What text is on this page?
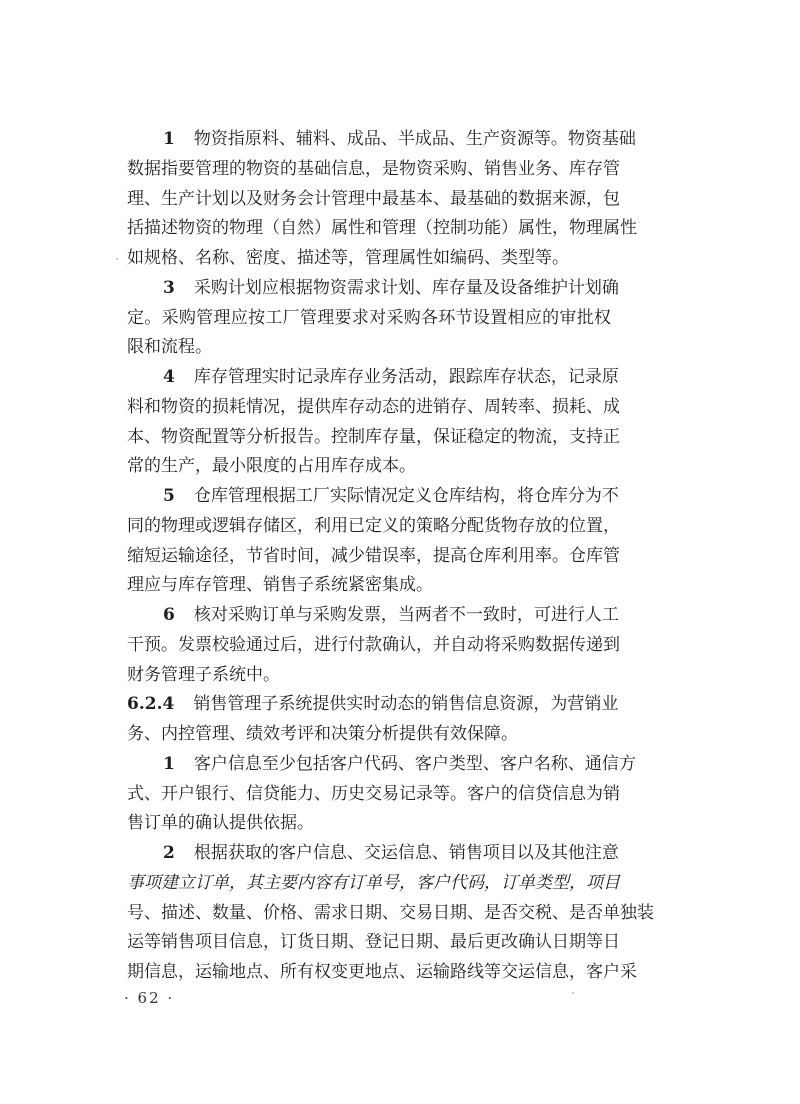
1　 物资指原料、辅料、成品、半成品、生产资源等。物资基础
数据指要管理的物资的基础信息，是物资采购、销售业务、库存管
理、生产计划以及财务会计管理中最基本、最基础的数据来源，包
括描述物资的物理（自然）属性和管理（控制功能）属性，物理属性
如规格、名称、密度、描述等，管理属性如编码、类型等。
3　 采购计划应根据物资需求计划、库存量及设备维护计划确
定。采购管理应按工厂管理要求对采购各环节设置相应的审批权
限和流程。
4　 库存管理实时记录库存业务活动，跟踪库存状态，记录原
料和物资的损耗情况，提供库存动态的进销存、周转率、损耗、成
本、物资配置等分析报告。控制库存量，保证稳定的物流，支持正
常的生产，最小限度的占用库存成本。
5　 仓库管理根据工厂实际情况定义仓库结构，将仓库分为不
同的物理或逻辑存储区，利用已定义的策略分配货物存放的位置，
缩短运输途径，节省时间，减少错误率，提高仓库利用率。仓库管
理应与库存管理、销售子系统紧密集成。
6　 核对采购订单与采购发票，当两者不一致时，可进行人工
干预。发票校验通过后，进行付款确认，并自动将采购数据传递到
财务管理子系统中。
6.2.4　 销售管理子系统提供实时动态的销售信息资源，为营销业
务、内控管理、绩效考评和决策分析提供有效保障。
1　 客户信息至少包括客户代码、客户类型、客户名称、通信方
式、开户银行、信贷能力、历史交易记录等。客户的信贷信息为销
售订单的确认提供依据。
2　 根据获取的客户信息、交运信息、销售项目以及其他注意
事项建立订单，其主要内容有订单号，客户代码，订单类型，项目
号、描述、数量、价格、需求日期、交易日期、是否交税、是否单独装
运等销售项目信息，订货日期、登记日期、最后更改确认日期等日
期信息，运输地点、所有权变更地点、运输路线等交运信息，客户采
· 62 ·
